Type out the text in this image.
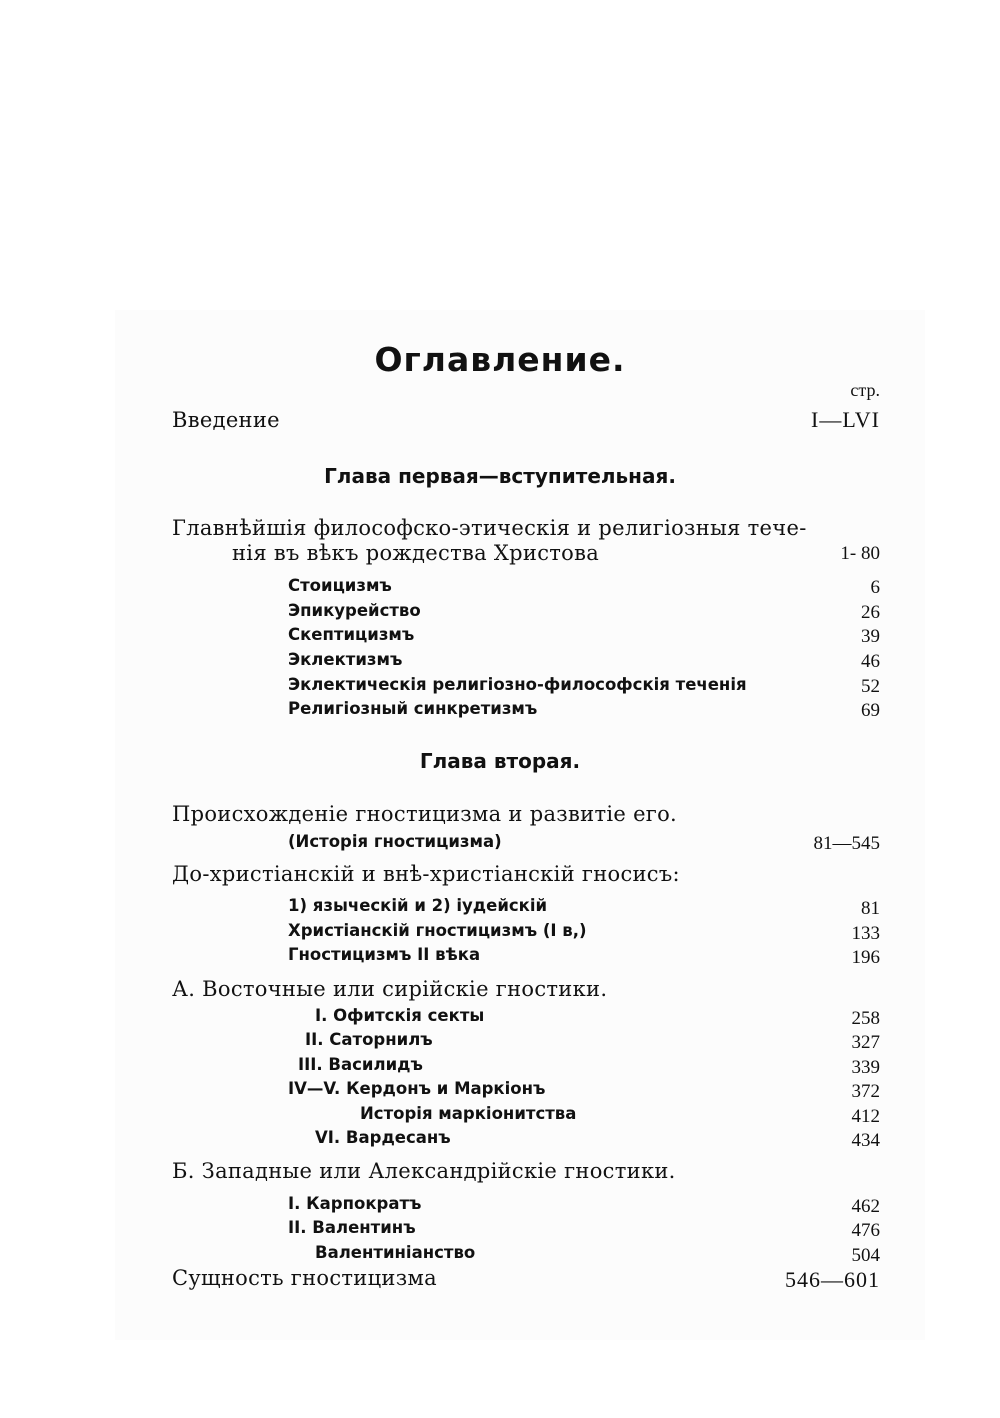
Оглавление.
стр.
Введение	I—LVI
Глава первая—вступительная.
Главнѣйшія философско-этическія и религіозныя тече-
нія въ вѣкъ рождества Христова	1- 80
Стоицизмъ	6
Эпикурейство	26
Скептицизмъ	39
Эклектизмъ	46
Эклектическія религіозно-философскія теченія	52
Религіозный синкретизмъ	69
Глава вторая.
Происхожденіе гностицизма и развитіе его.
(Исторія гностицизма)	81—545
До-христіанскій и внѣ-христіанскій гносисъ:
1) языческій и 2) іудейскій	81
Христіанскій гностицизмъ (I в,)	133
Гностицизмъ II вѣка	196
А. Восточные или сирійскіе гностики.
I. Офитскія секты	258
II. Саторнилъ	327
III. Василидъ	339
IV—V. Кердонъ и Маркіонъ	372
Исторія маркіонитства	412
VI. Вардесанъ	434
Б. Западные или Александрійскіе гностики.
I. Карпократъ	462
II. Валентинъ	476
Валентиніанство	504
Сущность гностицизма	546—601
